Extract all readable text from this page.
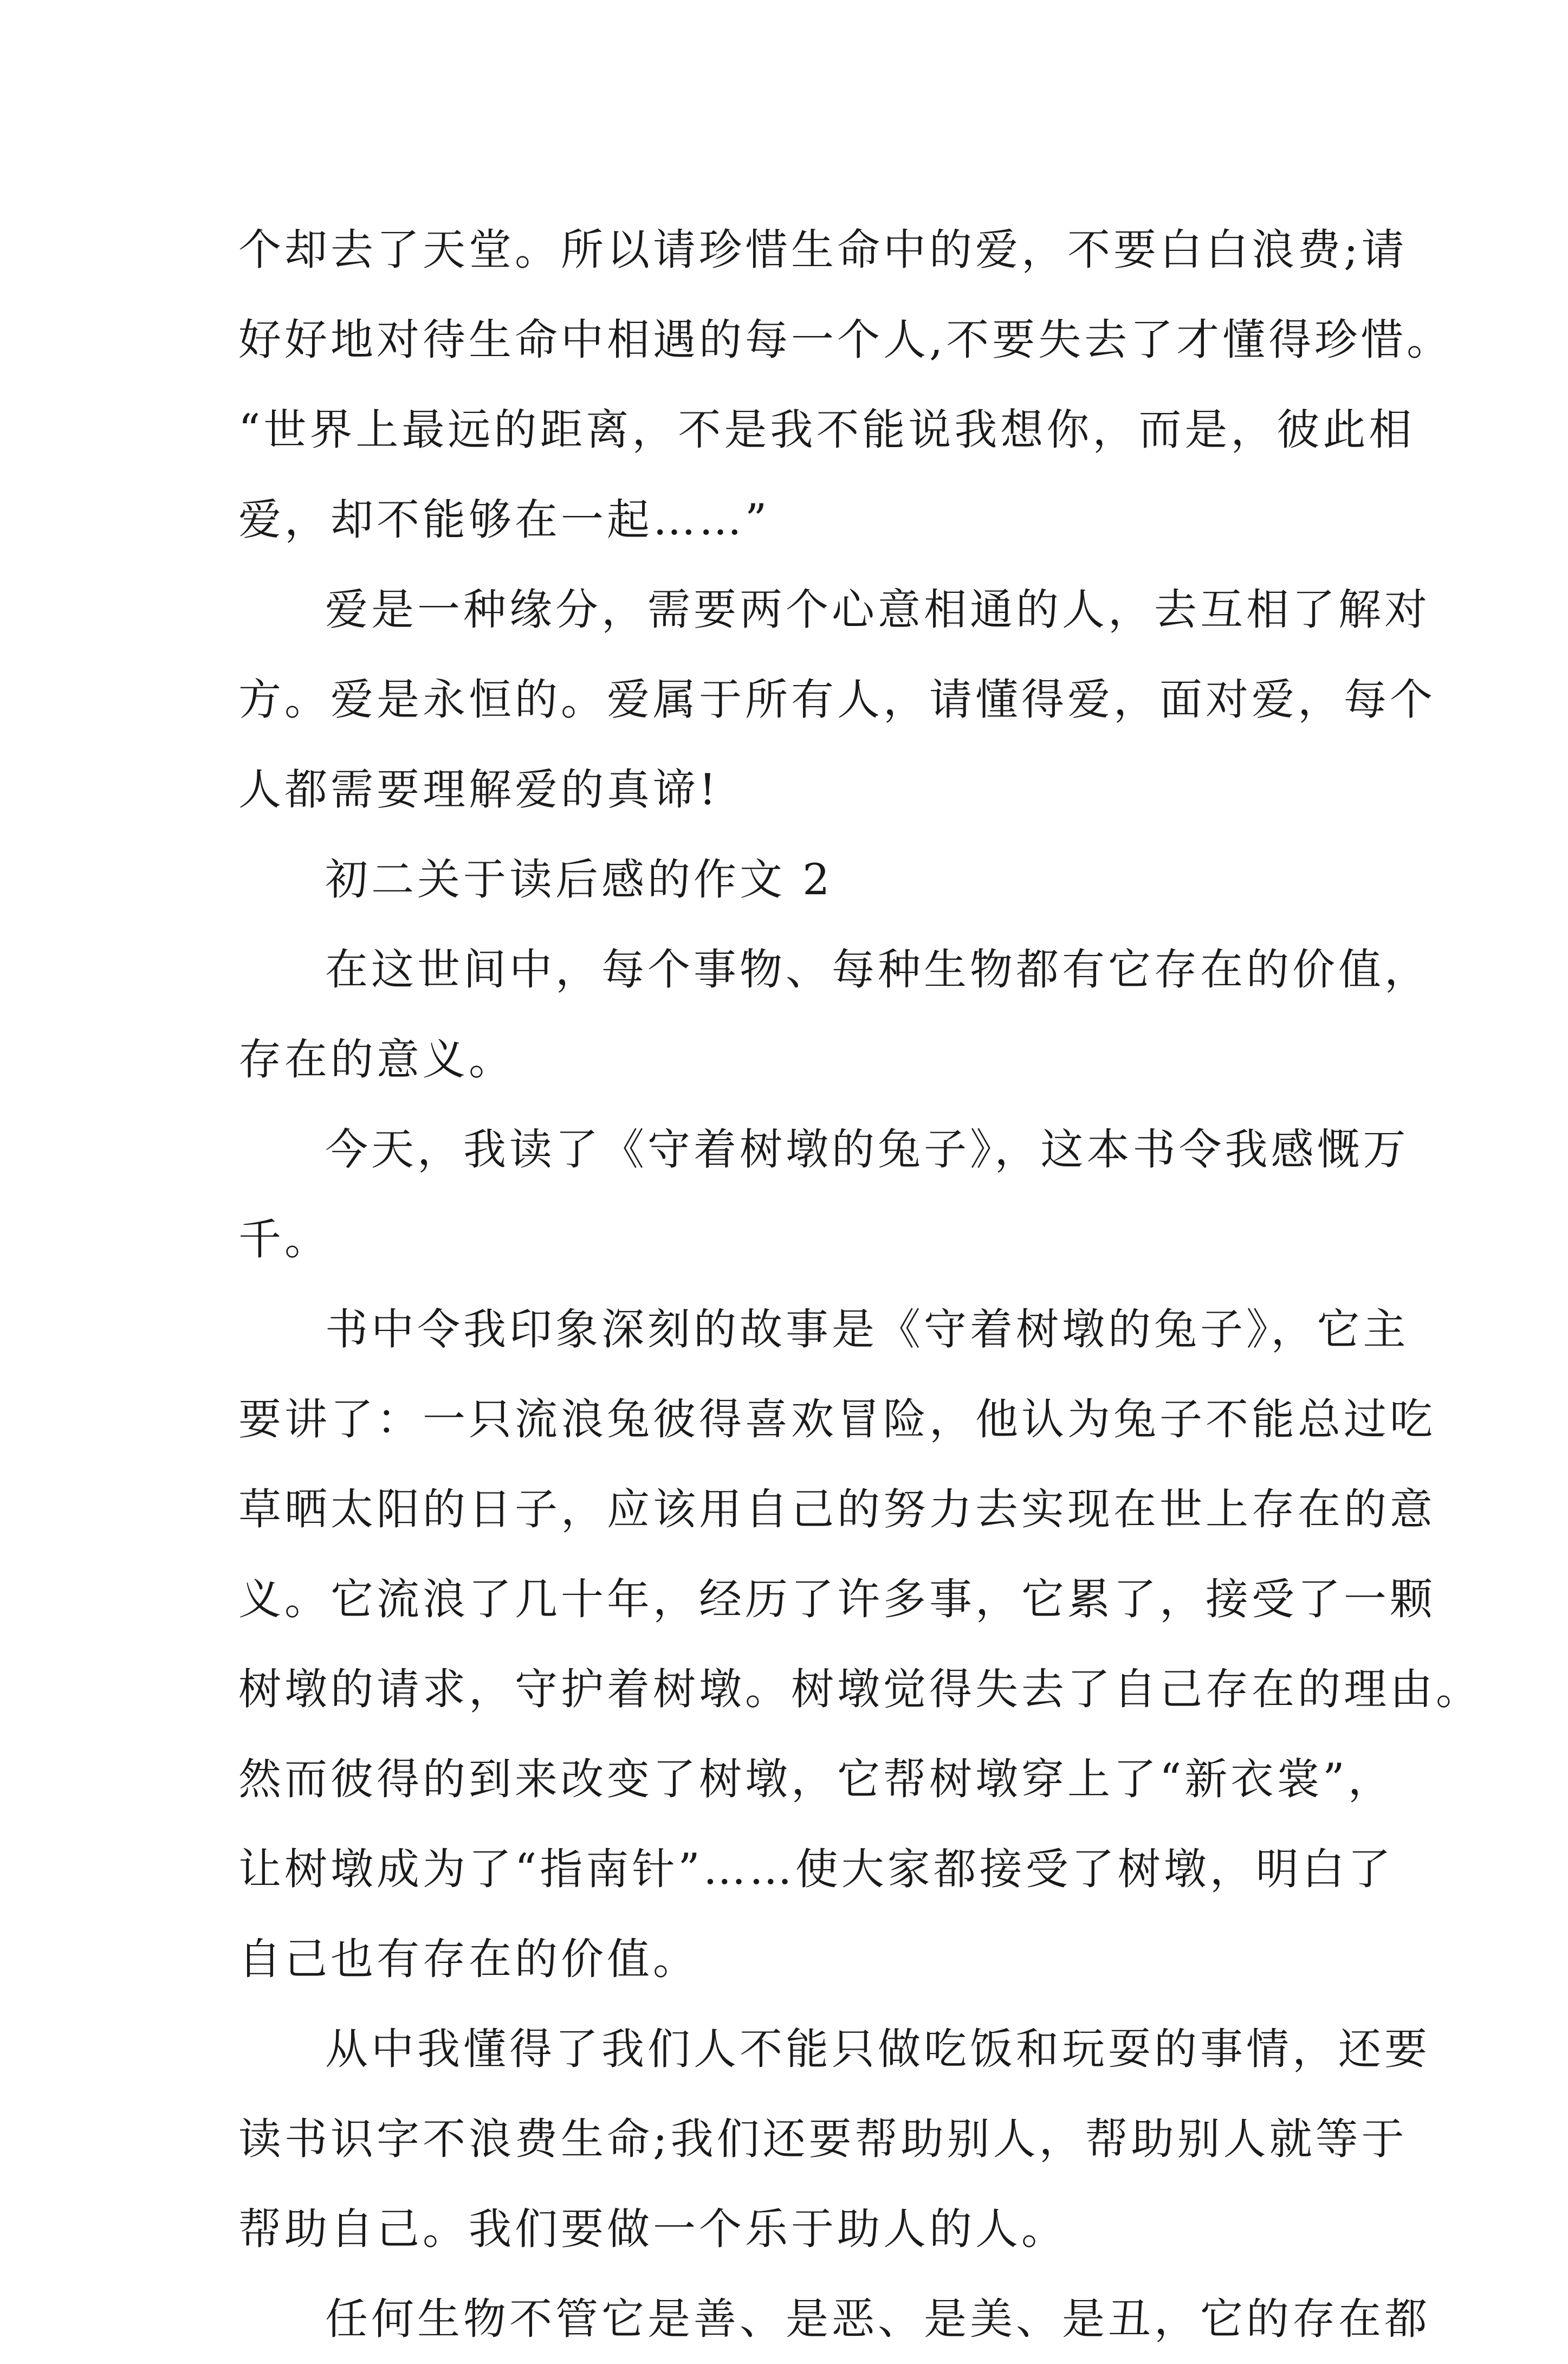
个却去了天堂。所以请珍惜生命中的爱，不要白白浪费;请
好好地对待生命中相遇的每一个人,不要失去了才懂得珍惜。
“世界上最远的距离，不是我不能说我想你，而是，彼此相
爱，却不能够在一起……”
爱是一种缘分，需要两个心意相通的人，去互相了解对
方。爱是永恒的。爱属于所有人，请懂得爱，面对爱，每个
人都需要理解爱的真谛!
初二关于读后感的作文 2
在这世间中，每个事物、每种生物都有它存在的价值，
存在的意义。
今天，我读了《守着树墩的兔子》，这本书令我感慨万
千。
书中令我印象深刻的故事是《守着树墩的兔子》，它主
要讲了：一只流浪兔彼得喜欢冒险，他认为兔子不能总过吃
草晒太阳的日子，应该用自己的努力去实现在世上存在的意
义。它流浪了几十年，经历了许多事，它累了，接受了一颗
树墩的请求，守护着树墩。树墩觉得失去了自己存在的理由。
然而彼得的到来改变了树墩，它帮树墩穿上了“新衣裳”，
让树墩成为了“指南针”……使大家都接受了树墩，明白了
自己也有存在的价值。
从中我懂得了我们人不能只做吃饭和玩耍的事情，还要
读书识字不浪费生命;我们还要帮助别人，帮助别人就等于
帮助自己。我们要做一个乐于助人的人。
任何生物不管它是善、是恶、是美、是丑，它的存在都
